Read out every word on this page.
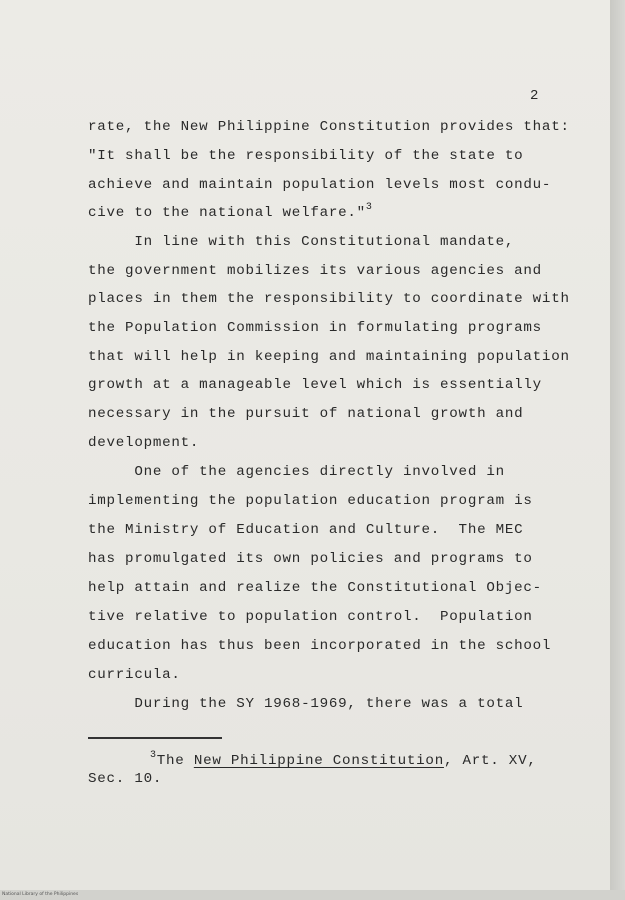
2
rate, the New Philippine Constitution provides that:
"It shall be the responsibility of the state to
achieve and maintain population levels most condu-
cive to the national welfare."$^3$
In line with this Constitutional mandate,
the government mobilizes its various agencies and
places in them the responsibility to coordinate with
the Population Commission in formulating programs
that will help in keeping and maintaining population
growth at a manageable level which is essentially
necessary in the pursuit of national growth and
development.
One of the agencies directly involved in
implementing the population education program is
the Ministry of Education and Culture.  The MEC
has promulgated its own policies and programs to
help attain and realize the Constitutional Objec-
tive relative to population control.  Population
education has thus been incorporated in the school
curricula.
During the SY 1968-1969, there was a total
$^3$The New Philippine Constitution, Art. XV,
Sec. 10.
National Library of the Philippines
